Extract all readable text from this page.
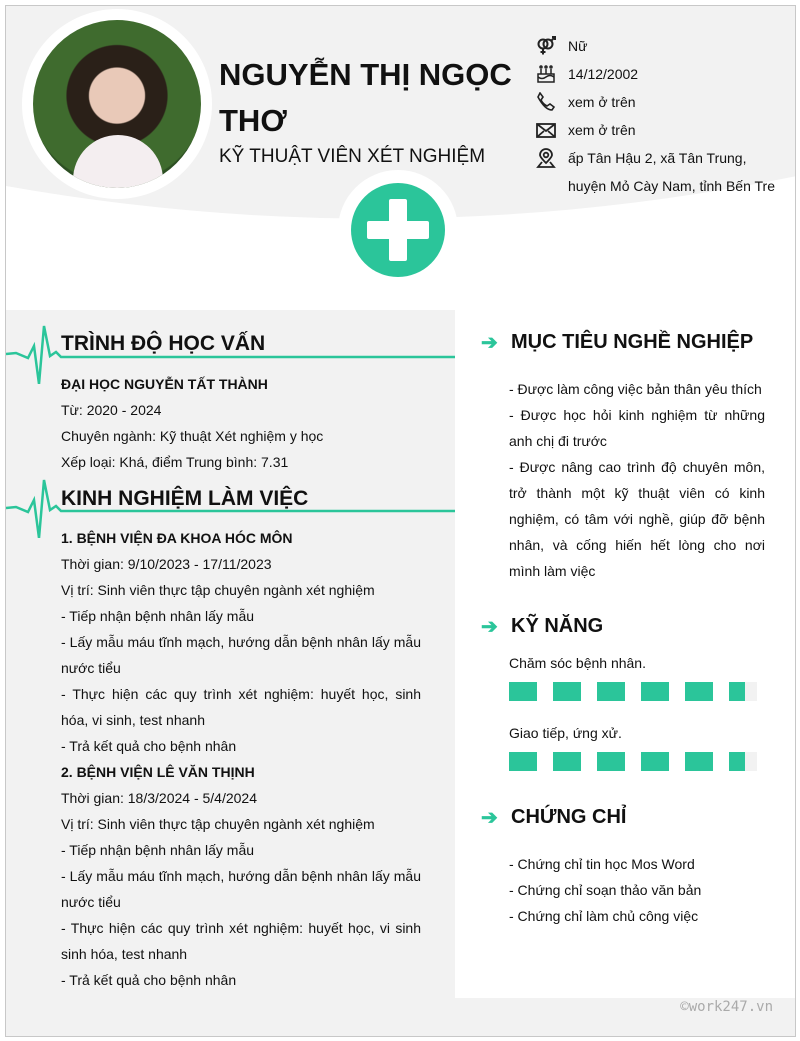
NGUYỄN THỊ NGỌC
THƠ
KỸ THUẬT VIÊN XÉT NGHIỆM
Nữ
14/12/2002
xem ở trên
xem ở trên
ấp Tân Hậu 2, xã Tân Trung, huyện Mỏ Cày Nam, tỉnh Bến Tre
TRÌNH ĐỘ HỌC VẤN
ĐẠI HỌC NGUYỄN TẤT THÀNH
Từ: 2020 - 2024
Chuyên ngành: Kỹ thuật Xét nghiệm y học
Xếp loại: Khá, điểm Trung bình: 7.31
KINH NGHIỆM LÀM VIỆC
1. BỆNH VIỆN ĐA KHOA HÓC MÔN
Thời gian: 9/10/2023 - 17/11/2023
Vị trí: Sinh viên thực tập chuyên ngành xét nghiệm
- Tiếp nhận bệnh nhân lấy mẫu
- Lấy mẫu máu tĩnh mạch, hướng dẫn bệnh nhân lấy mẫu nước tiểu
- Thực hiện các quy trình xét nghiệm: huyết học, sinh hóa, vi sinh, test nhanh
- Trả kết quả cho bệnh nhân
2. BỆNH VIỆN LÊ VĂN THỊNH
Thời gian: 18/3/2024 - 5/4/2024
Vị trí: Sinh viên thực tập chuyên ngành xét nghiệm
- Tiếp nhận bệnh nhân lấy mẫu
- Lấy mẫu máu tĩnh mạch, hướng dẫn bệnh nhân lấy mẫu nước tiểu
- Thực hiện các quy trình xét nghiệm: huyết học, vi sinh sinh hóa, test nhanh
- Trả kết quả cho bệnh nhân
➔ MỤC TIÊU NGHỀ NGHIỆP
- Được làm công việc bản thân yêu thích
- Được học hỏi kinh nghiệm từ những anh chị đi trước
- Được nâng cao trình độ chuyên môn, trở thành một kỹ thuật viên có kinh nghiệm, có tâm với nghề, giúp đỡ bệnh nhân, và cống hiến hết lòng cho nơi mình làm việc
➔ KỸ NĂNG
Chăm sóc bệnh nhân.
Giao tiếp, ứng xử.
➔ CHỨNG CHỈ
- Chứng chỉ tin học Mos Word
- Chứng chỉ soạn thảo văn bản
- Chứng chỉ làm chủ công việc
©work247.vn
